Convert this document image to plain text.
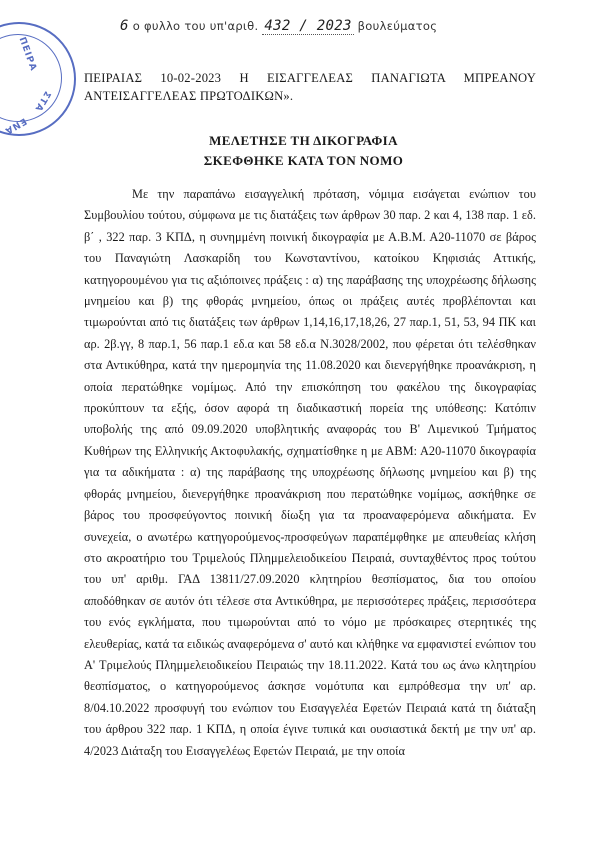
ΠΕΙΡΑ
ΣΤΑ
ΕΝΑ
6 ο φυλλο του υπ'αριθ. 432 / 2023 βουλεύματος
ΠΕΙΡΑΙΑΣ 10-02-2023 Η ΕΙΣΑΓΓΕΛΕΑΣ ΠΑΝΑΓΙΩΤΑ ΜΠΡΕΑΝΟΥ
ΑΝΤΕΙΣΑΓΓΕΛΕΑΣ ΠΡΩΤΟΔΙΚΩΝ».
ΜΕΛΕΤΗΣΕ ΤΗ ΔΙΚΟΓΡΑΦΙΑ
ΣΚΕΦΘΗΚΕ ΚΑΤΑ ΤΟΝ ΝΟΜΟ

Με την παραπάνω εισαγγελική πρόταση, νόμιμα εισάγεται ενώπιον του Συμβουλίου τούτου, σύμφωνα με τις διατάξεις των άρθρων 30 παρ. 2 και 4, 138 παρ. 1 εδ. β΄ , 322 παρ. 3 ΚΠΔ, η συνημμένη ποινική δικογραφία με Α.Β.Μ. Α20-11070 σε βάρος του Παναγιώτη Λασκαρίδη του Κωνσταντίνου, κατοίκου Κηφισιάς Αττικής, κατηγορουμένου για τις αξιόποινες πράξεις : α) της παράβασης της υποχρέωσης δήλωσης μνημείου και β) της φθοράς μνημείου, όπως οι πράξεις αυτές προβλέπονται και τιμωρούνται από τις διατάξεις των άρθρων 1,14,16,17,18,26, 27 παρ.1, 51, 53, 94 ΠΚ και αρ. 2β.γγ, 8 παρ.1, 56 παρ.1 εδ.α και 58 εδ.α Ν.3028/2002, που φέρεται ότι τελέσθηκαν στα Αντικύθηρα, κατά την ημερομηνία της 11.08.2020 και διενεργήθηκε προανάκριση, η οποία περατώθηκε νομίμως. Από την επισκόπηση του φακέλου της δικογραφίας προκύπτουν τα εξής, όσον αφορά τη διαδικαστική πορεία της υπόθεσης: Κατόπιν υποβολής της από 09.09.2020 υποβλητικής αναφοράς του Β' Λιμενικού Τμήματος Κυθήρων της Ελληνικής Ακτοφυλακής, σχηματίσθηκε η με ΑΒΜ: Α20-11070 δικογραφία για τα αδικήματα : α) της παράβασης της υποχρέωσης δήλωσης μνημείου και β) της φθοράς μνημείου, διενεργήθηκε προανάκριση που περατώθηκε νομίμως, ασκήθηκε σε βάρος του προσφεύγοντος ποινική δίωξη για τα προαναφερόμενα αδικήματα. Εν συνεχεία, ο ανωτέρω κατηγορούμενος-προσφεύγων παραπέμφθηκε με απευθείας κλήση στο ακροατήριο του Τριμελούς Πλημμελειοδικείου Πειραιά, συνταχθέντος προς τούτου του υπ' αριθμ. ΓΑΔ 13811/27.09.2020 κλητηρίου θεσπίσματος, δια του οποίου αποδόθηκαν σε αυτόν ότι τέλεσε στα Αντικύθηρα, με περισσότερες πράξεις, περισσότερα του ενός εγκλήματα, που τιμωρούνται από το νόμο με πρόσκαιρες στερητικές της ελευθερίας, κατά τα ειδικώς αναφερόμενα σ' αυτό και κλήθηκε να εμφανιστεί ενώπιον του Α' Τριμελούς Πλημμελειοδικείου Πειραιώς την 18.11.2022. Κατά του ως άνω κλητηρίου θεσπίσματος, ο κατηγορούμενος άσκησε νομότυπα και εμπρόθεσμα την υπ' αρ. 8/04.10.2022 προσφυγή του ενώπιον του Εισαγγελέα Εφετών Πειραιά κατά τη διάταξη του άρθρου 322 παρ. 1 ΚΠΔ, η οποία έγινε τυπικά και ουσιαστικά δεκτή με την υπ' αρ. 4/2023 Διάταξη του Εισαγγελέως Εφετών Πειραιά, με την οποία
